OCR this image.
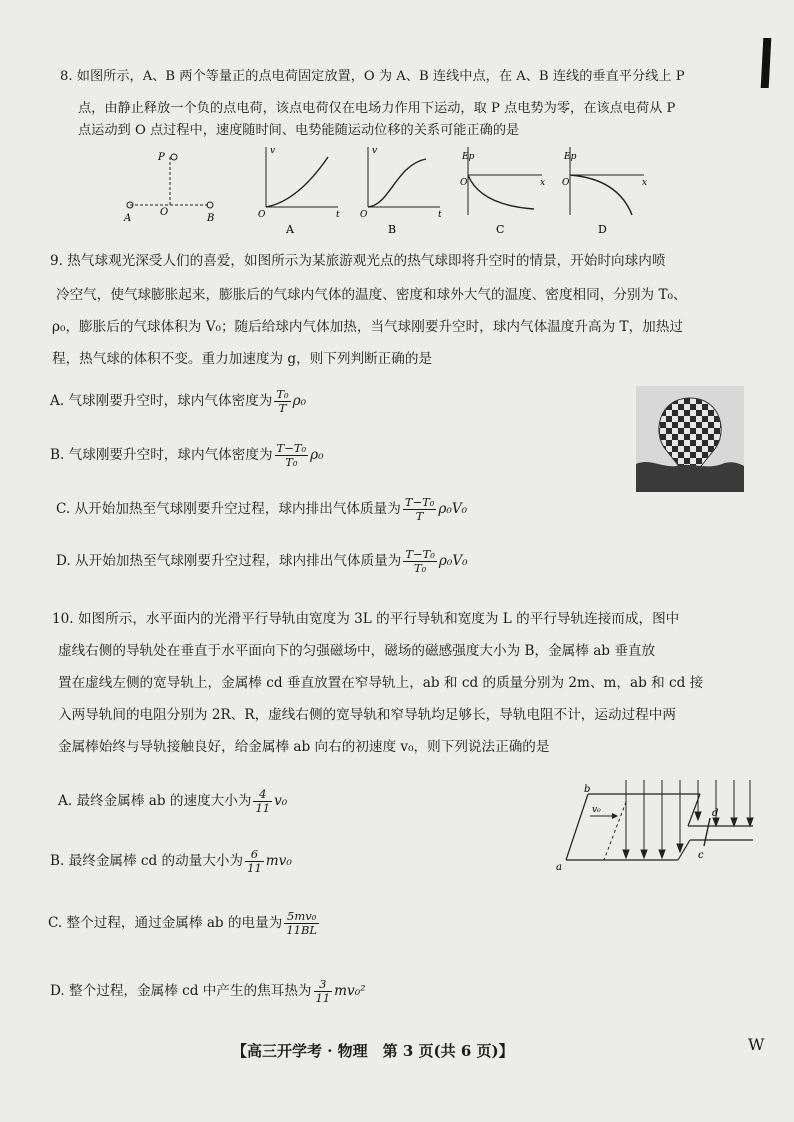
8. 如图所示，A、B 两个等量正的点电荷固定放置，O 为 A、B 连线中点，在 A、B 连线的垂直平分线上 P
点，由静止释放一个负的点电荷，该点电荷仅在电场力作用下运动，取 P 点电势为零，在该点电荷从 P
点运动到 O 点过程中，速度随时间、电势能随运动位移的关系可能正确的是
A	B
O
P
v
t
O
A
v
t
O
B
Ep
x
O
C
Ep
x
O
D
9. 热气球观光深受人们的喜爱，如图所示为某旅游观光点的热气球即将升空时的情景，开始时向球内喷
冷空气，使气球膨胀起来，膨胀后的气球内气体的温度、密度和球外大气的温度、密度相同，分别为 T₀、
ρ₀，膨胀后的气球体积为 V₀；随后给球内气体加热，当气球刚要升空时，球内气体温度升高为 T，加热过
程，热气球的体积不变。重力加速度为 g，则下列判断正确的是
A. 气球刚要升空时，球内气体密度为 $\frac{\text{T₀}}{T} \rho_0$
B. 气球刚要升空时，球内气体密度为 $\frac{\text{T−T₀}}{\text{T₀}} \rho_0$
C. 从开始加热至气球刚要升空过程，球内排出气体质量为 $\frac{\text{T−T₀}}{T} \rho_0V_0$
D. 从开始加热至气球刚要升空过程，球内排出气体质量为 $\frac{\text{T−T₀}}{\text{T₀}} \rho_0V_0$
10. 如图所示，水平面内的光滑平行导轨由宽度为 3L 的平行导轨和宽度为 L 的平行导轨连接而成，图中
虚线右侧的导轨处在垂直于水平面向下的匀强磁场中，磁场的磁感强度大小为 B，金属棒 ab 垂直放
置在虚线左侧的宽导轨上，金属棒 cd 垂直放置在窄导轨上，ab 和 cd 的质量分别为 2m、m，ab 和 cd 接
入两导轨间的电阻分别为 2R、R，虚线右侧的宽导轨和窄导轨均足够长，导轨电阻不计，运动过程中两
金属棒始终与导轨接触良好，给金属棒 ab 向右的初速度 v₀，则下列说法正确的是
A. 最终金属棒 ab 的速度大小为 $\frac{4}{11} v_0$
B. 最终金属棒 cd 的动量大小为 $\frac{6}{11} mv_0$
C. 整个过程，通过金属棒 ab 的电量为 $\frac{\text{5mv₀}}{11BL}$
D. 整个过程，金属棒 cd 中产生的焦耳热为 $\frac{3}{11} mv_0^2$
b
a
d
c
v₀
【高三开学考 · 物理　第 3 页(共 6 页)】	W
